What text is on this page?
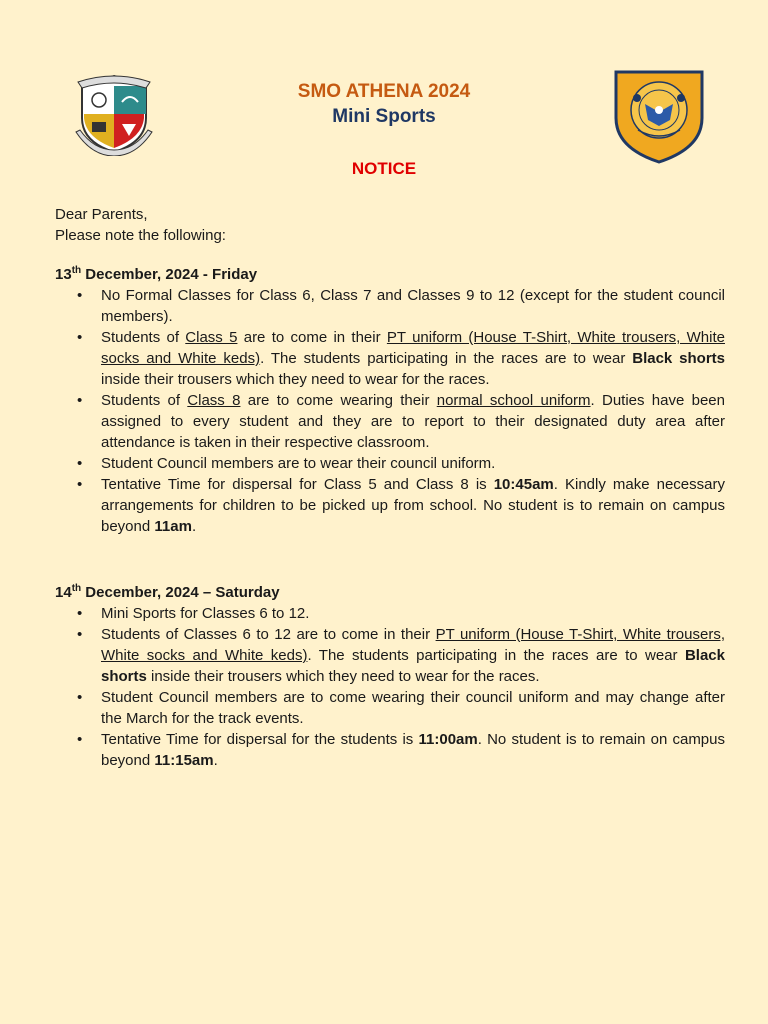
SMO ATHENA 2024
Mini Sports
NOTICE
Dear Parents,
Please note the following:
13th December, 2024 - Friday
• No Formal Classes for Class 6, Class 7 and Classes 9 to 12 (except for the student council members).
• Students of Class 5 are to come in their PT uniform (House T-Shirt, White trousers, White socks and White keds). The students participating in the races are to wear Black shorts inside their trousers which they need to wear for the races.
• Students of Class 8 are to come wearing their normal school uniform. Duties have been assigned to every student and they are to report to their designated duty area after attendance is taken in their respective classroom.
• Student Council members are to wear their council uniform.
• Tentative Time for dispersal for Class 5 and Class 8 is 10:45am. Kindly make necessary arrangements for children to be picked up from school. No student is to remain on campus beyond 11am.
14th December, 2024 – Saturday
• Mini Sports for Classes 6 to 12.
• Students of Classes 6 to 12 are to come in their PT uniform (House T-Shirt, White trousers, White socks and White keds). The students participating in the races are to wear Black shorts inside their trousers which they need to wear for the races.
• Student Council members are to come wearing their council uniform and may change after the March for the track events.
• Tentative Time for dispersal for the students is 11:00am. No student is to remain on campus beyond 11:15am.
